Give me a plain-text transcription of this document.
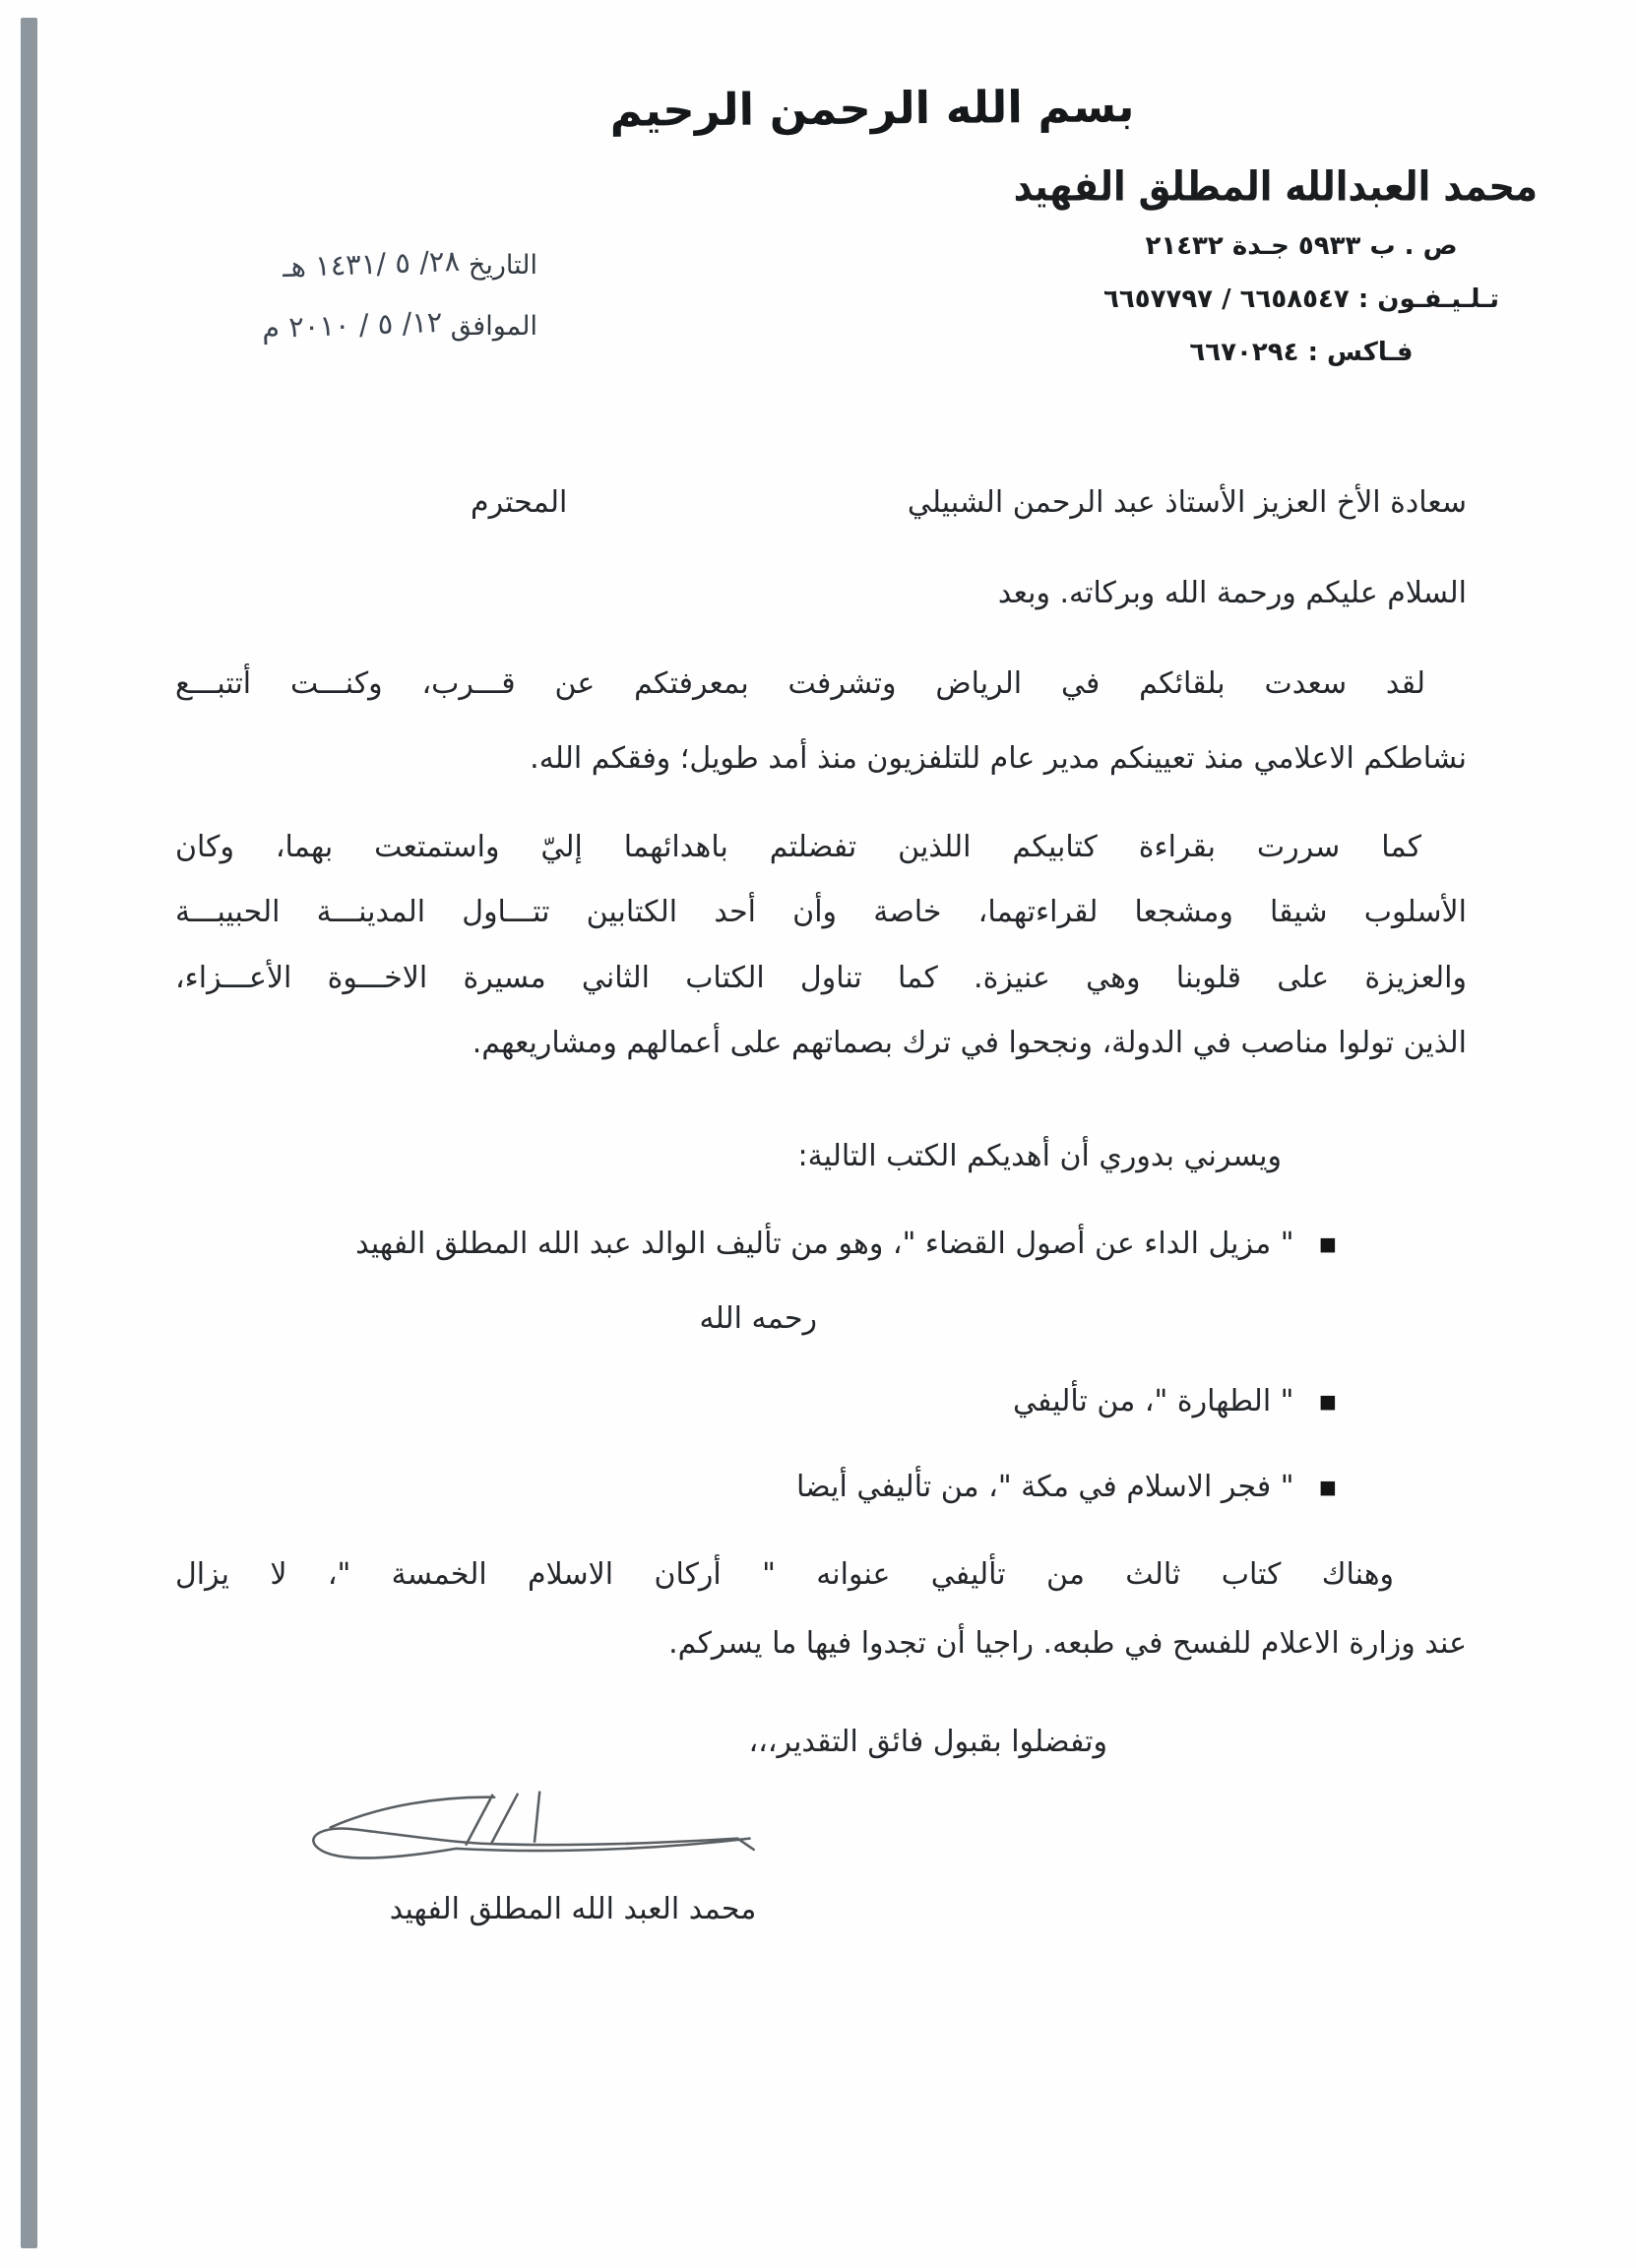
بسم الله الرحمن الرحيم
محمد العبدالله المطلق الفهيد
ص . ب ٥٩٣٣ جـدة ٢١٤٣٢
تـلـيـفـون : ٦٦٥٨٥٤٧ / ٦٦٥٧٧٩٧
فـاكس : ٦٦٧٠٢٩٤
التاريخ ٢٨/ ٥ /١٤٣١ هـ
الموافق ١٢/ ٥ / ٢٠١٠ م
سعادة الأخ العزيز الأستاذ عبد الرحمن الشبيلي
المحترم
السلام عليكم ورحمة الله وبركاته. وبعد
لقد سعدت بلقائكم في الرياض وتشرفت بمعرفتكم عن قـــرب، وكنـــت أتتبـــع
نشاطكم الاعلامي منذ تعيينكم مدير عام للتلفزيون منذ أمد طويل؛ وفقكم الله.
كما سررت بقراءة كتابيكم اللذين تفضلتم باهدائهما إليّ واستمتعت بهما، وكان
الأسلوب شيقا ومشجعا لقراءتهما، خاصة وأن أحد الكتابين تتـــاول المدينـــة الحبيبـــة
والعزيزة على قلوبنا وهي عنيزة. كما تناول الكتاب الثاني مسيرة الاخـــوة الأعـــزاء،
الذين تولوا مناصب في الدولة، ونجحوا في ترك بصماتهم على أعمالهم ومشاريعهم.
ويسرني بدوري أن أهديكم الكتب التالية:
■ " مزيل الداء عن أصول القضاء "، وهو من تأليف الوالد عبد الله المطلق الفهيد
رحمه الله
■ " الطهارة "، من تأليفي
■ " فجر الاسلام في مكة "، من تأليفي أيضا
وهناك كتاب ثالث من تأليفي عنوانه " أركان الاسلام الخمسة "، لا يزال
عند وزارة الاعلام للفسح في طبعه. راجيا أن تجدوا فيها ما يسركم.
وتفضلوا بقبول فائق التقدير،،،
محمد العبد الله المطلق الفهيد
